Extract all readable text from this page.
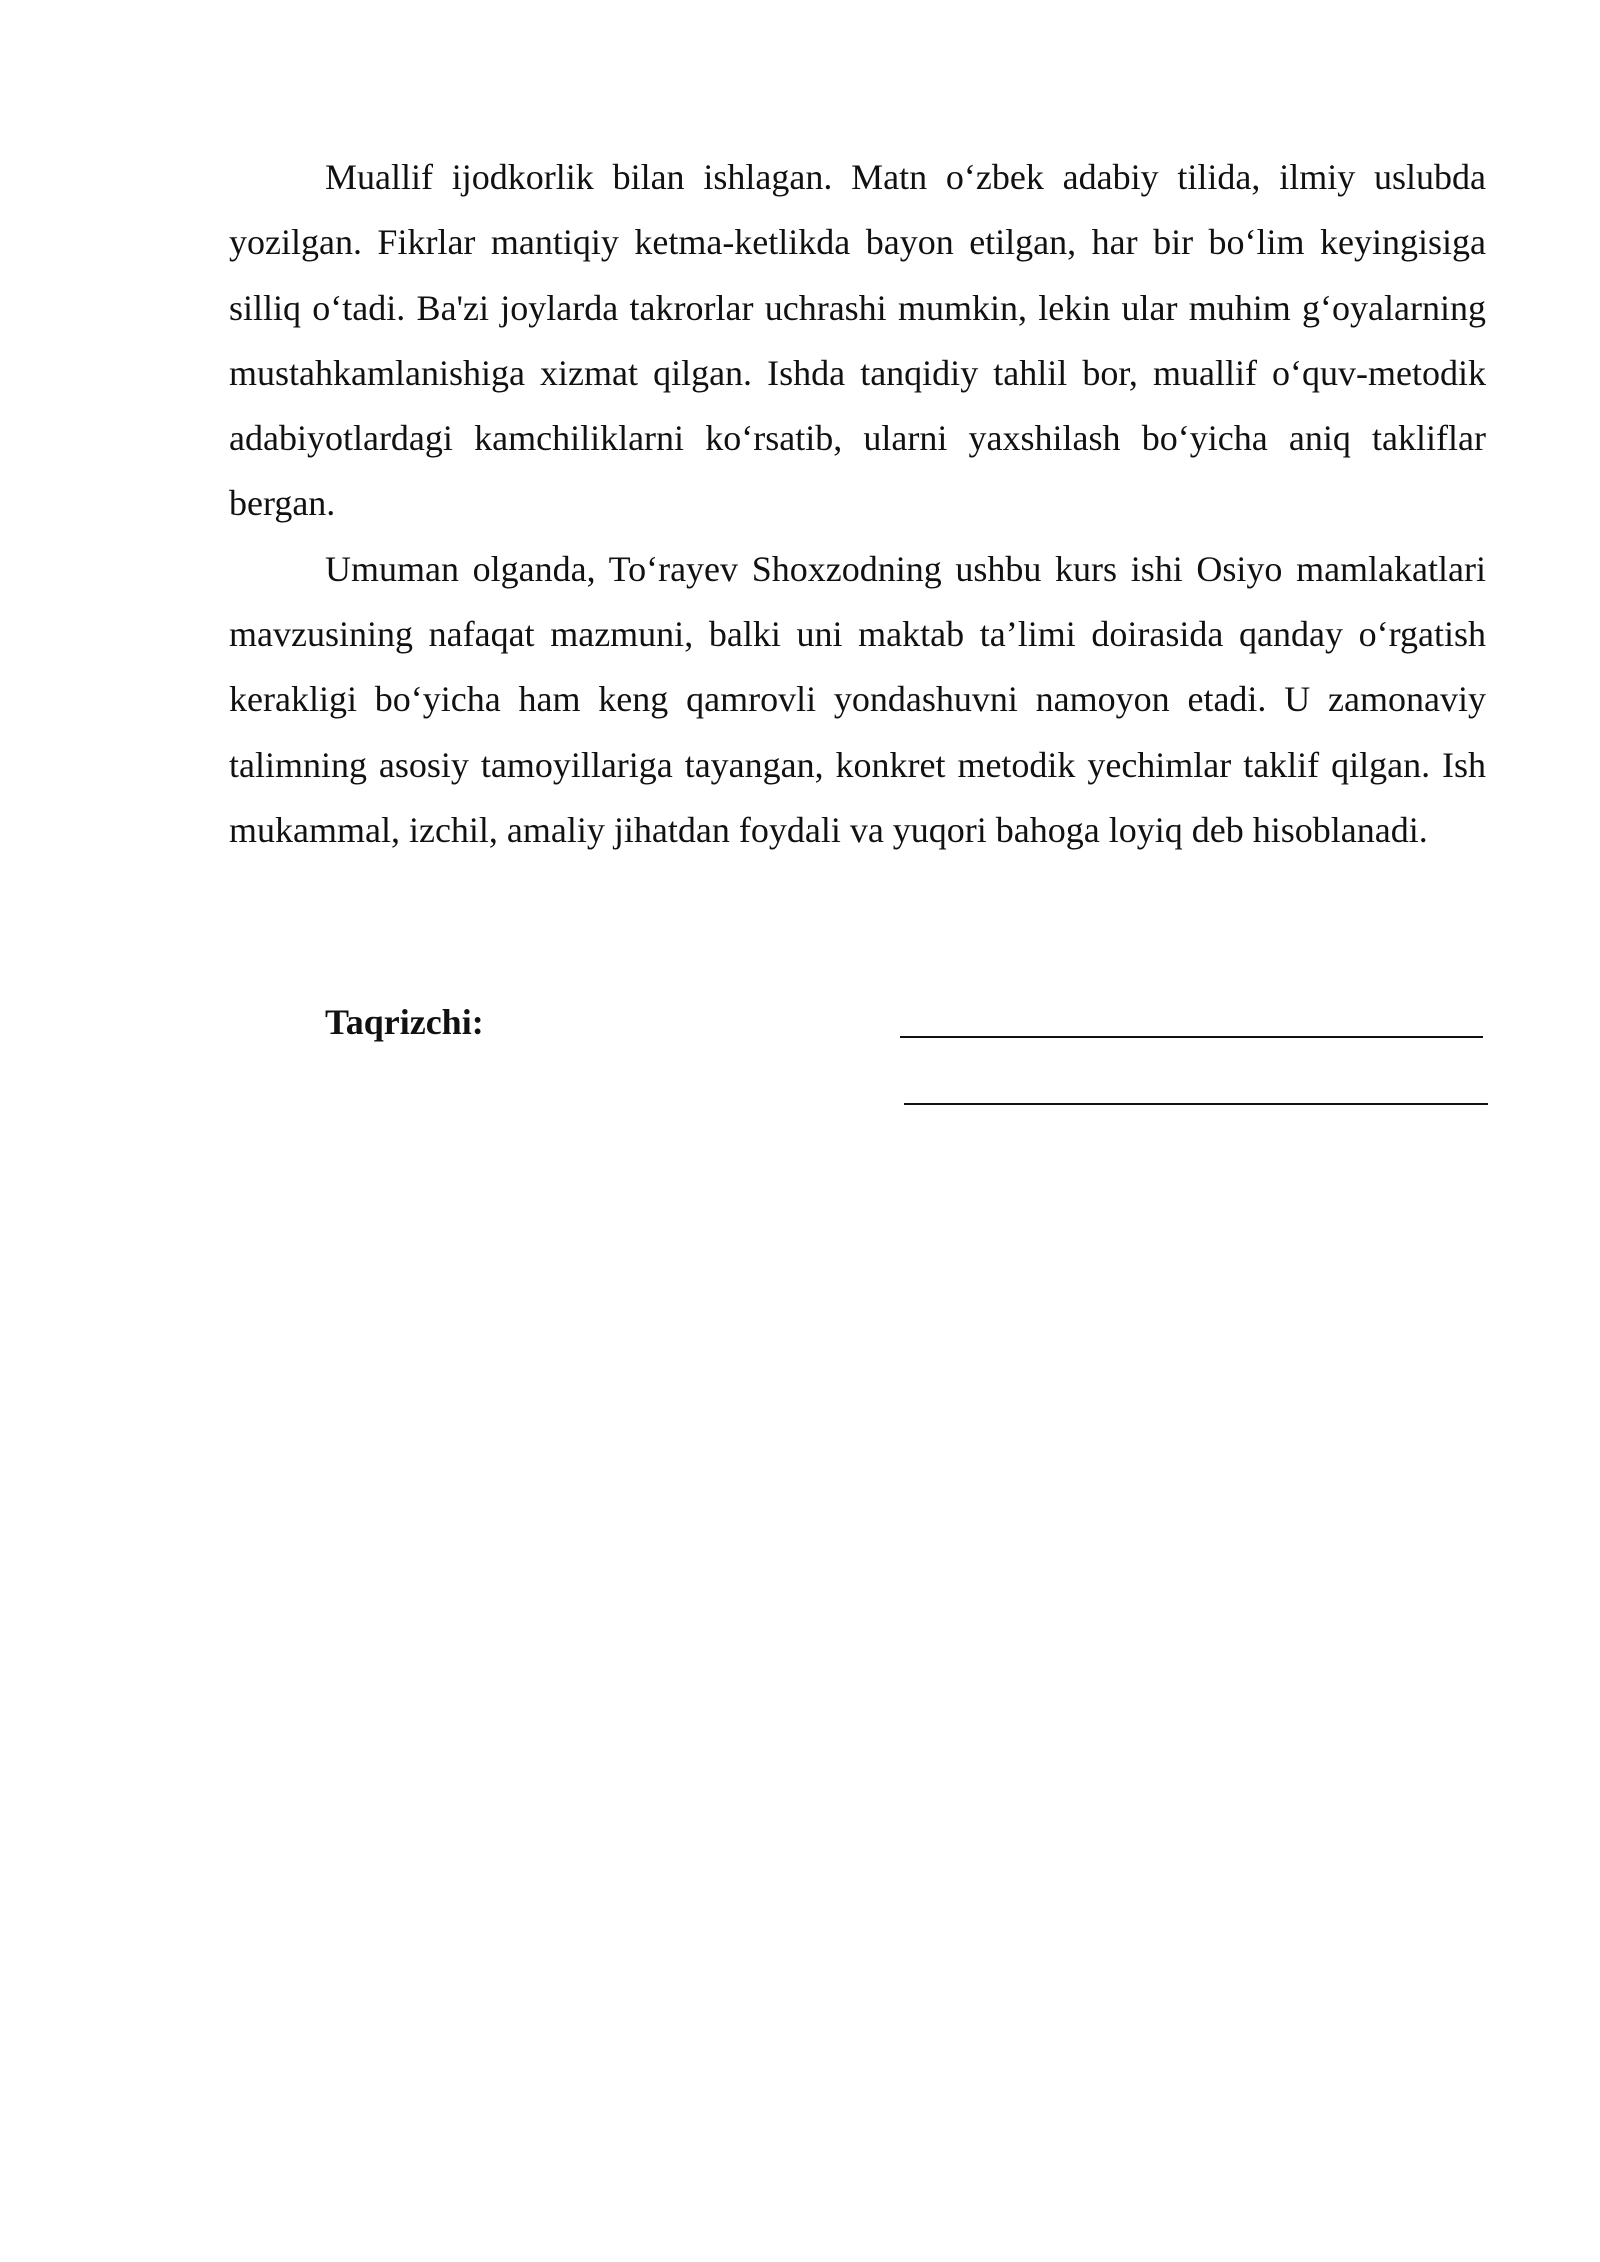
Muallif ijodkorlik bilan ishlagan. Matn o‘zbek adabiy tilida, ilmiy uslubda yozilgan. Fikrlar mantiqiy ketma-ketlikda bayon etilgan, har bir bo‘lim keyingisiga silliq o‘tadi. Ba'zi joylarda takrorlar uchrashi mumkin, lekin ular muhim g‘oyalarning mustahkamlanishiga xizmat qilgan. Ishda tanqidiy tahlil bor, muallif o‘quv-metodik adabiyotlardagi kamchiliklarni ko‘rsatib, ularni yaxshilash bo‘yicha aniq takliflar bergan.

Umuman olganda, To‘rayev Shoxzodning ushbu kurs ishi Osiyo mamlakatlari mavzusining nafaqat mazmuni, balki uni maktab ta’limi doirasida qanday o‘rgatish kerakligi bo‘yicha ham keng qamrovli yondashuvni namoyon etadi. U zamonaviy talimning asosiy tamoyillariga tayangan, konkret metodik yechimlar taklif qilgan. Ish mukammal, izchil, amaliy jihatdan foydali va yuqori bahoga loyiq deb hisoblanadi.

Taqrizchi:
